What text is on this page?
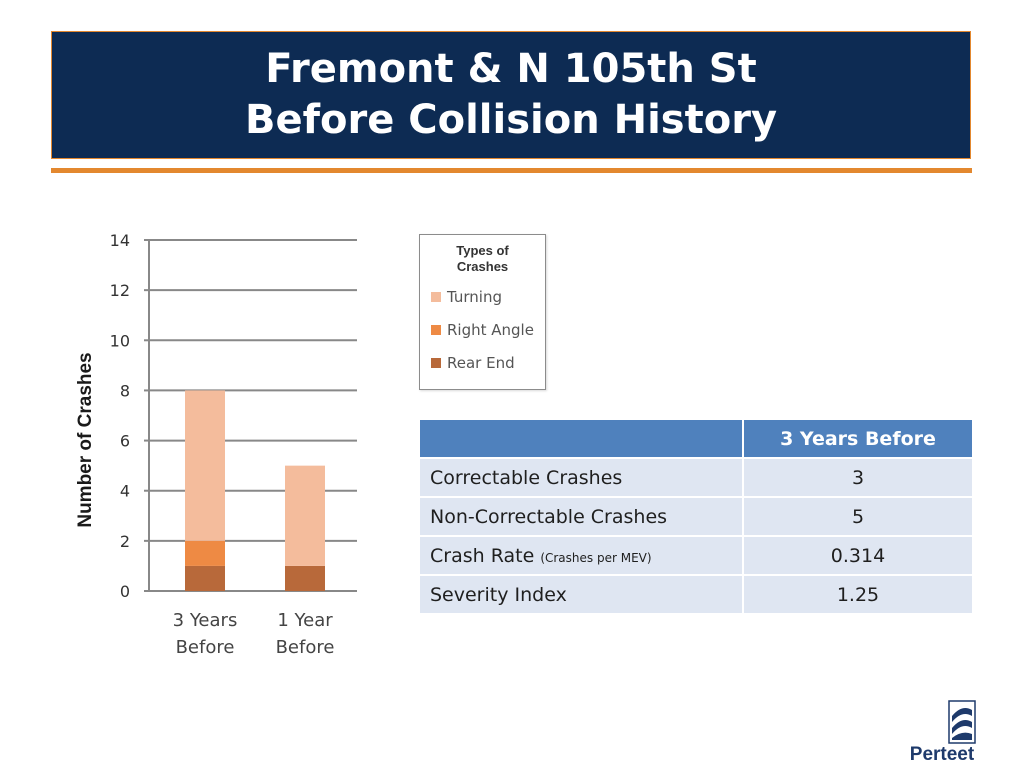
Fremont & N 105th St
Before Collision History
0
2
4
6
8
10
12
14
3 Years
Before
1 Year
Before
Number of Crashes
Types of
Crashes
Turning
Right Angle
Rear End
	3 Years Before
Correctable Crashes	3
Non-Correctable Crashes	5
Crash Rate (Crashes per MEV)	0.314
Severity Index	1.25
Perteet
